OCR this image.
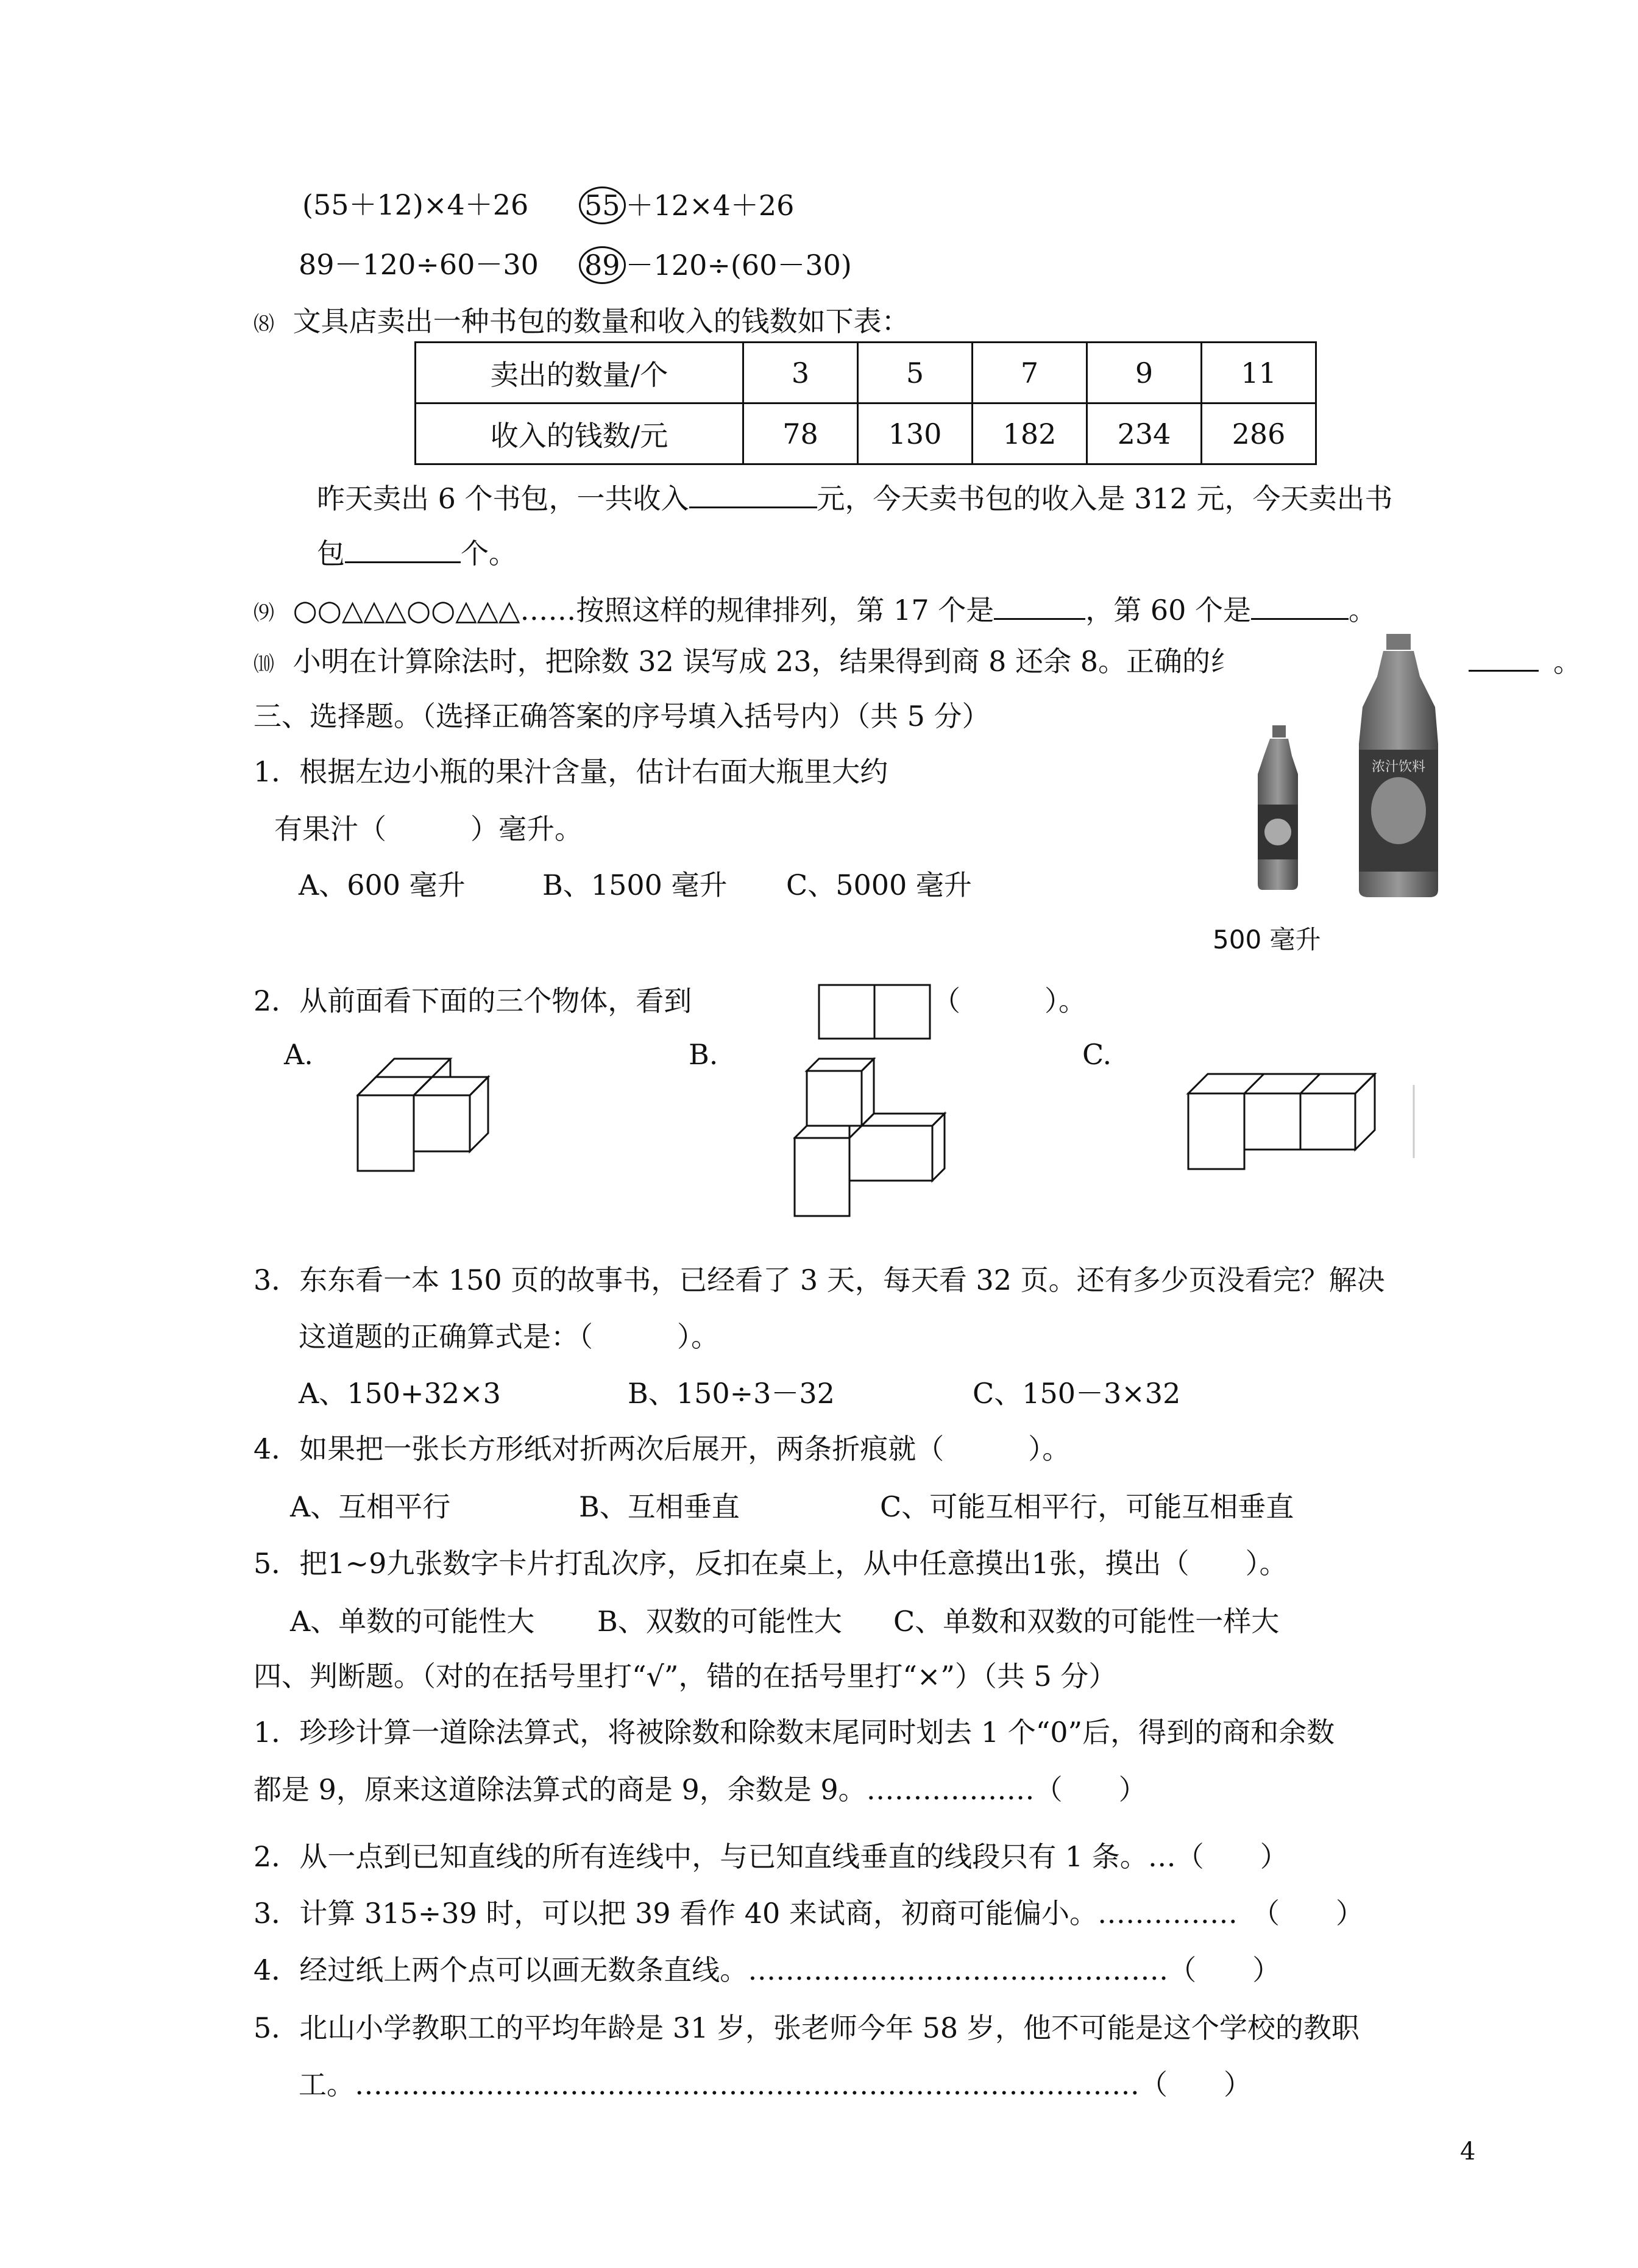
(55＋12)×4＋26 55 ＋12×4＋26
89－120÷60－30 89 －120÷(60－30)
⑻ 文具店卖出一种书包的数量和收入的钱数如下表：
卖出的数量/个	3	5	7	9	11
收入的钱数/元	78	130	182	234	286
昨天卖出 6 个书包，一共收入	元，今天卖书包的收入是 312 元，今天卖出书
包	个。
⑼ ○○△△△○○△△△……按照这样的规律排列，第 17 个是	，第 60 个是	。
⑽ 小明在计算除法时，把除数 32 误写成 23，结果得到商 8 还余 8。正确的纟	。
三、选择题。（选择正确答案的序号填入括号内）（共 5 分）
1．根据左边小瓶的果汁含量，估计右面大瓶里大约
有果汁（　　　）毫升。
A、600 毫升	B、1500 毫升 C、5000 毫升
浓汁饮料
500 毫升
2．从前面看下面的三个物体，看到	（　　　）。
A.	B.	C.
3．东东看一本 150 页的故事书，已经看了 3 天，每天看 32 页。还有多少页没看完？解决
这道题的正确算式是：（　　　）。
A、150+32×3	B、150÷3－32	C、150－3×32
4．如果把一张长方形纸对折两次后展开，两条折痕就（　　　）。
A、互相平行	B、互相垂直	C、可能互相平行，可能互相垂直
5．把1~9九张数字卡片打乱次序，反扣在桌上，从中任意摸出1张，摸出（　　）。
A、单数的可能性大 B、双数的可能性大 C、单数和双数的可能性一样大
四、判断题。（对的在括号里打“√”，错的在括号里打“×”）（共 5 分）
1．珍珍计算一道除法算式，将被除数和除数末尾同时划去 1 个“0”后，得到的商和余数
都是 9，原来这道除法算式的商是 9，余数是 9。………………（　　）
2．从一点到已知直线的所有连线中，与已知直线垂直的线段只有 1 条。…（　　）
3．计算 315÷39 时，可以把 39 看作 40 来试商，初商可能偏小。……………　（　　）
4．经过纸上两个点可以画无数条直线。………………………………………（　　）
5．北山小学教职工的平均年龄是 31 岁，张老师今年 58 岁，他不可能是这个学校的教职
工。…………………………………………………………………………（　　）
4
